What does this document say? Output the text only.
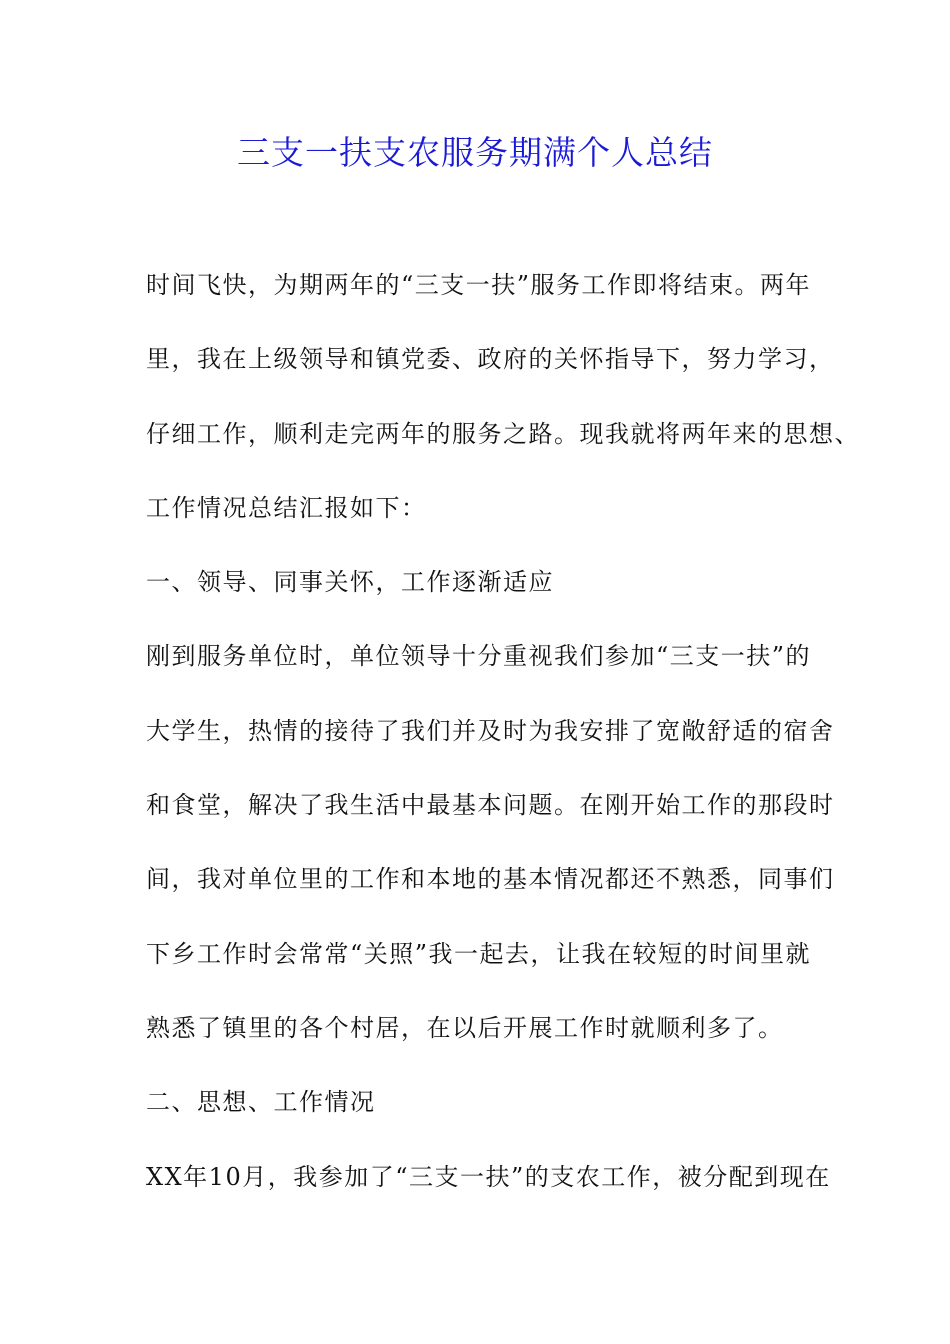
三支一扶支农服务期满个人总结
时间飞快，为期两年的“三支一扶”服务工作即将结束。两年
里，我在上级领导和镇党委、政府的关怀指导下，努力学习，
仔细工作，顺利走完两年的服务之路。现我就将两年来的思想、
工作情况总结汇报如下：
一、领导、同事关怀，工作逐渐适应
刚到服务单位时，单位领导十分重视我们参加“三支一扶”的
大学生，热情的接待了我们并及时为我安排了宽敞舒适的宿舍
和食堂，解决了我生活中最基本问题。在刚开始工作的那段时
间，我对单位里的工作和本地的基本情况都还不熟悉，同事们
下乡工作时会常常“关照”我一起去，让我在较短的时间里就
熟悉了镇里的各个村居，在以后开展工作时就顺利多了。
二、思想、工作情况
XX年10月，我参加了“三支一扶”的支农工作，被分配到现在
